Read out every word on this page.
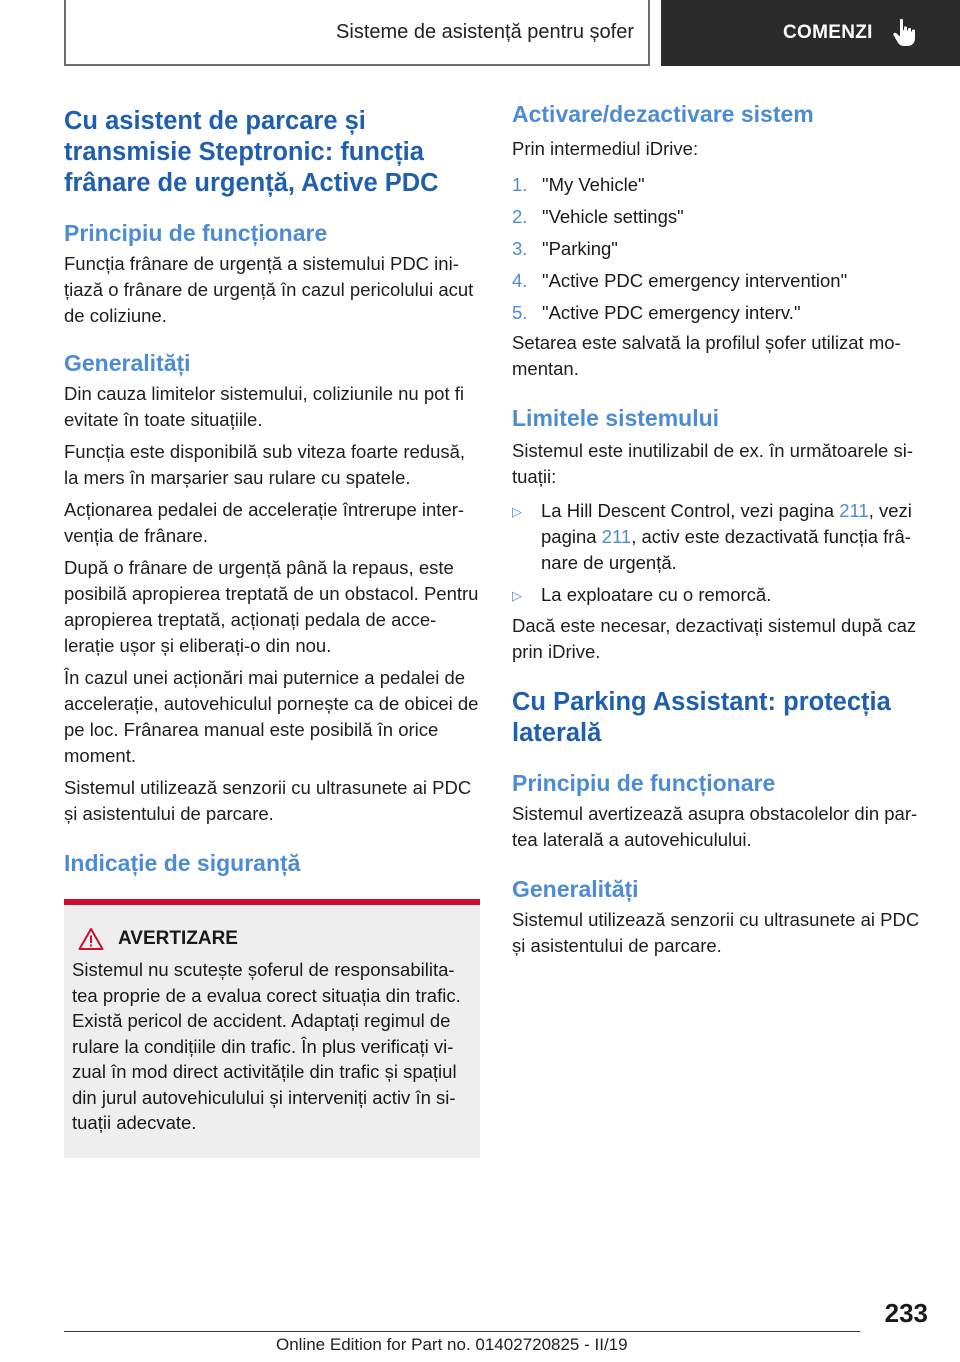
Sisteme de asistență pentru șofer	COMENZI
Cu asistent de parcare și transmisie Steptronic: funcția frânare de urgență, Active PDC
Principiu de funcționare

Funcția frânare de urgență a sistemului PDC inițiază o frânare de urgență în cazul pericolului acut de coliziune.

Generalități

Din cauza limitelor sistemului, coliziunile nu pot fi evitate în toate situațiile.

Funcția este disponibilă sub viteza foarte redusă, la mers în marșarier sau rulare cu spatele.

Acționarea pedalei de accelerație întrerupe intervenția de frânare.

După o frânare de urgență până la repaus, este posibilă apropierea treptată de un obstacol. Pentru apropierea treptată, acționați pedala de accelerație ușor și eliberați-o din nou.

În cazul unei acționări mai puternice a pedalei de accelerație, autovehiculul pornește ca de obicei de pe loc. Frânarea manual este posibilă în orice moment.

Sistemul utilizează senzorii cu ultrasunete ai PDC și asistentului de parcare.

Indicație de siguranță
AVERTIZARE

Sistemul nu scutește șoferul de responsabilitatea proprie de a evalua corect situația din trafic. Există pericol de accident. Adaptați regimul de rulare la condițiile din trafic. În plus verificați vizual în mod direct activitățile din trafic și spațiul din jurul autovehiculului și interveniți activ în situații adecvate.

Activare/dezactivare sistem

Prin intermediul iDrive:

1. "My Vehicle"
2. "Vehicle settings"
3. "Parking"
4. "Active PDC emergency intervention"
5. "Active PDC emergency interv."

Setarea este salvată la profilul șofer utilizat momentan.

Limitele sistemului

Sistemul este inutilizabil de ex. în următoarele situații:

▷	La Hill Descent Control, vezi pagina 211, vezi pagina 211, activ este dezactivată funcția frânare de urgență.
▷	La exploatare cu o remorcă.

Dacă este necesar, dezactivați sistemul după caz prin iDrive.

Cu Parking Assistant: protecția laterală
Principiu de funcționare

Sistemul avertizează asupra obstacolelor din partea laterală a autovehiculului.

Generalități

Sistemul utilizează senzorii cu ultrasunete ai PDC și asistentului de parcare.

233
Online Edition for Part no. 01402720825 - II/19
